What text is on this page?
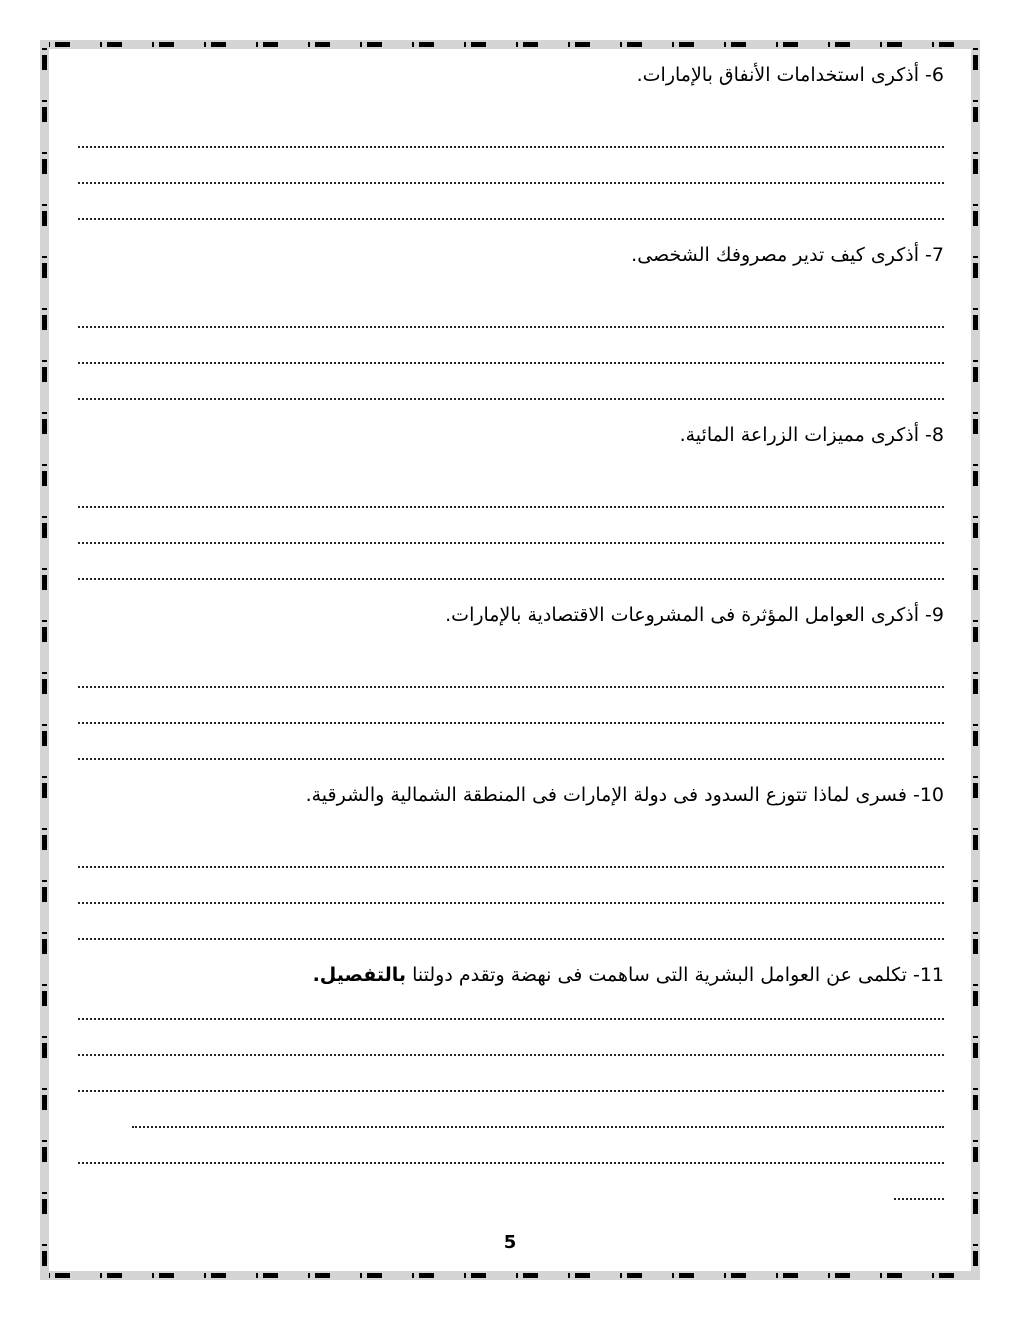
6- أذكرى استخدامات الأنفاق بالإمارات.
7- أذكرى كيف تدير مصروفك الشخصى.
8- أذكرى مميزات الزراعة المائية.
9- أذكرى العوامل المؤثرة فى المشروعات الاقتصادية بالإمارات.
10- فسرى لماذا تتوزع السدود فى دولة الإمارات فى المنطقة الشمالية والشرقية.
11- تكلمى عن العوامل البشرية التى ساهمت فى نهضة وتقدم دولتنا بالتفصيل.
5
